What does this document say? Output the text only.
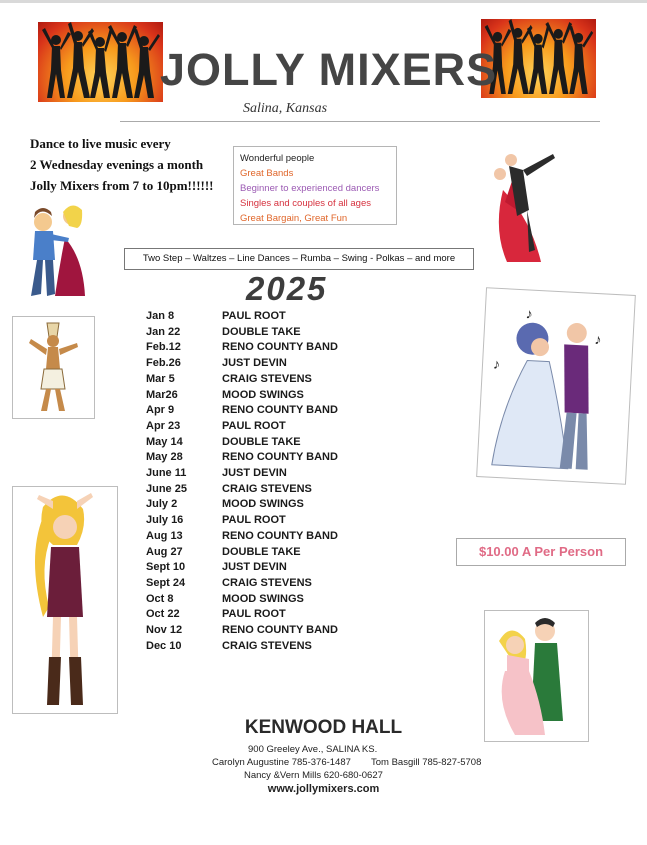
JOLLY MIXERS
Salina, Kansas
Dance to live music every
2 Wednesday evenings a month
Jolly Mixers from 7 to 10pm!!!!!!
Wonderful people
Great Bands
Beginner to experienced dancers
Singles and couples of all ages
Great Bargain, Great Fun
Two Step – Waltzes – Line Dances – Rumba – Swing - Polkas – and more
2025
♪
♪
♪
Jan 8	PAUL ROOT
Jan 22	DOUBLE TAKE
Feb.12	RENO COUNTY BAND
Feb.26	JUST DEVIN
Mar 5	CRAIG STEVENS
Mar26	MOOD SWINGS
Apr 9	RENO COUNTY BAND
Apr 23	PAUL ROOT
May 14	DOUBLE TAKE
May 28	RENO COUNTY BAND
June 11	JUST DEVIN
June 25	CRAIG STEVENS
July 2	MOOD SWINGS
July 16	PAUL ROOT
Aug 13	RENO COUNTY BAND
Aug 27	DOUBLE TAKE
Sept 10	JUST DEVIN
Sept 24	CRAIG STEVENS
Oct 8	MOOD SWINGS
Oct 22	PAUL ROOT
Nov 12	RENO COUNTY BAND
Dec 10	CRAIG STEVENS
$10.00 A Per Person
KENWOOD HALL
900 Greeley Ave., SALINA KS.
Carolyn Augustine 785-376-1487 Tom Basgill 785-827-5708
Nancy &Vern Mills 620-680-0627
www.jollymixers.com
